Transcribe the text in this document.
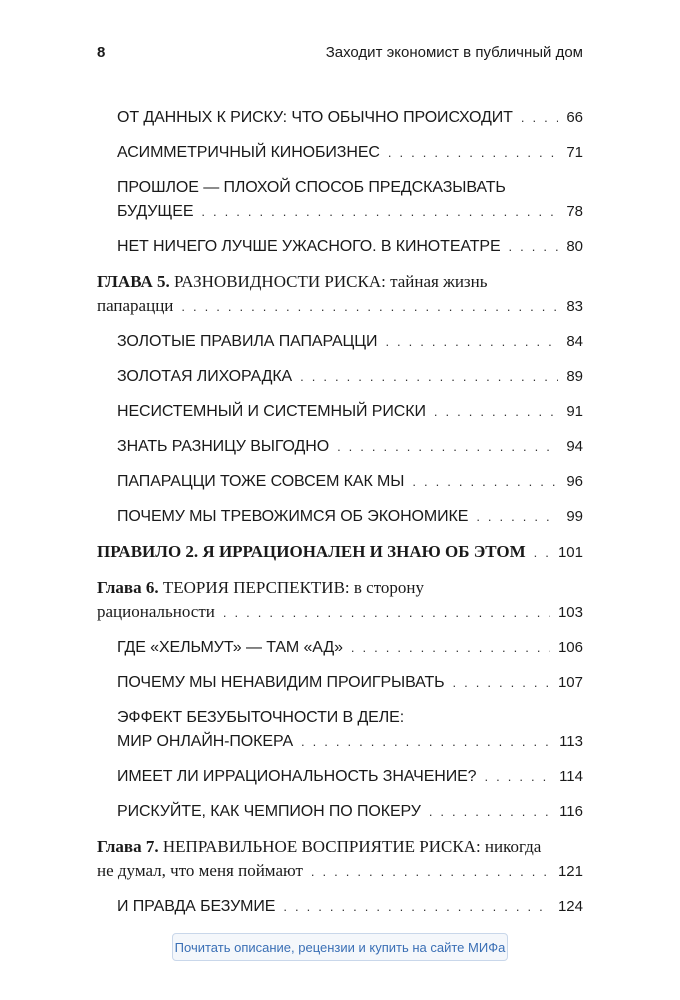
8	Заходит экономист в публичный дом
ОТ ДАННЫХ К РИСКУ: ЧТО ОБЫЧНО ПРОИСХОДИТ . . .	66
АСИММЕТРИЧНЫЙ КИНОБИЗНЕС . . .	71
ПРОШЛОЕ — ПЛОХОЙ СПОСОБ ПРЕДСКАЗЫВАТЬ
БУДУЩЕЕ . . .	78
НЕТ НИЧЕГО ЛУЧШЕ УЖАСНОГО. В КИНОТЕАТРЕ . . .	80
ГЛАВА 5. РАЗНОВИДНОСТИ РИСКА: тайная жизнь
папарацци . . .	83
ЗОЛОТЫЕ ПРАВИЛА ПАПАРАЦЦИ . . .	84
ЗОЛОТАЯ ЛИХОРАДКА . . .	89
НЕСИСТЕМНЫЙ И СИСТЕМНЫЙ РИСКИ . . .	91
ЗНАТЬ РАЗНИЦУ ВЫГОДНО . . .	94
ПАПАРАЦЦИ ТОЖЕ СОВСЕМ КАК МЫ . . .	96
ПОЧЕМУ МЫ ТРЕВОЖИМСЯ ОБ ЭКОНОМИКЕ . . .	99
ПРАВИЛО 2. Я ИРРАЦИОНАЛЕН И ЗНАЮ ОБ ЭТОМ . . . 101
Глава 6. ТЕОРИЯ ПЕРСПЕКТИВ: в сторону
рациональности . . .	103
ГДЕ «ХЕЛЬМУТ» — ТАМ «АД» . . .	106
ПОЧЕМУ МЫ НЕНАВИДИМ ПРОИГРЫВАТЬ . . .	107
ЭФФЕКТ БЕЗУБЫТОЧНОСТИ В ДЕЛЕ:
МИР ОНЛАЙН-ПОКЕРА . . .	113
ИМЕЕТ ЛИ ИРРАЦИОНАЛЬНОСТЬ ЗНАЧЕНИЕ? . . .	114
РИСКУЙТЕ, КАК ЧЕМПИОН ПО ПОКЕРУ . . .	116
Глава 7. НЕПРАВИЛЬНОЕ ВОСПРИЯТИЕ РИСКА: никогда
не думал, что меня поймают . . .	121
И ПРАВДА БЕЗУМИЕ . . .	124
Почитать описание, рецензии и купить на сайте МИФа
